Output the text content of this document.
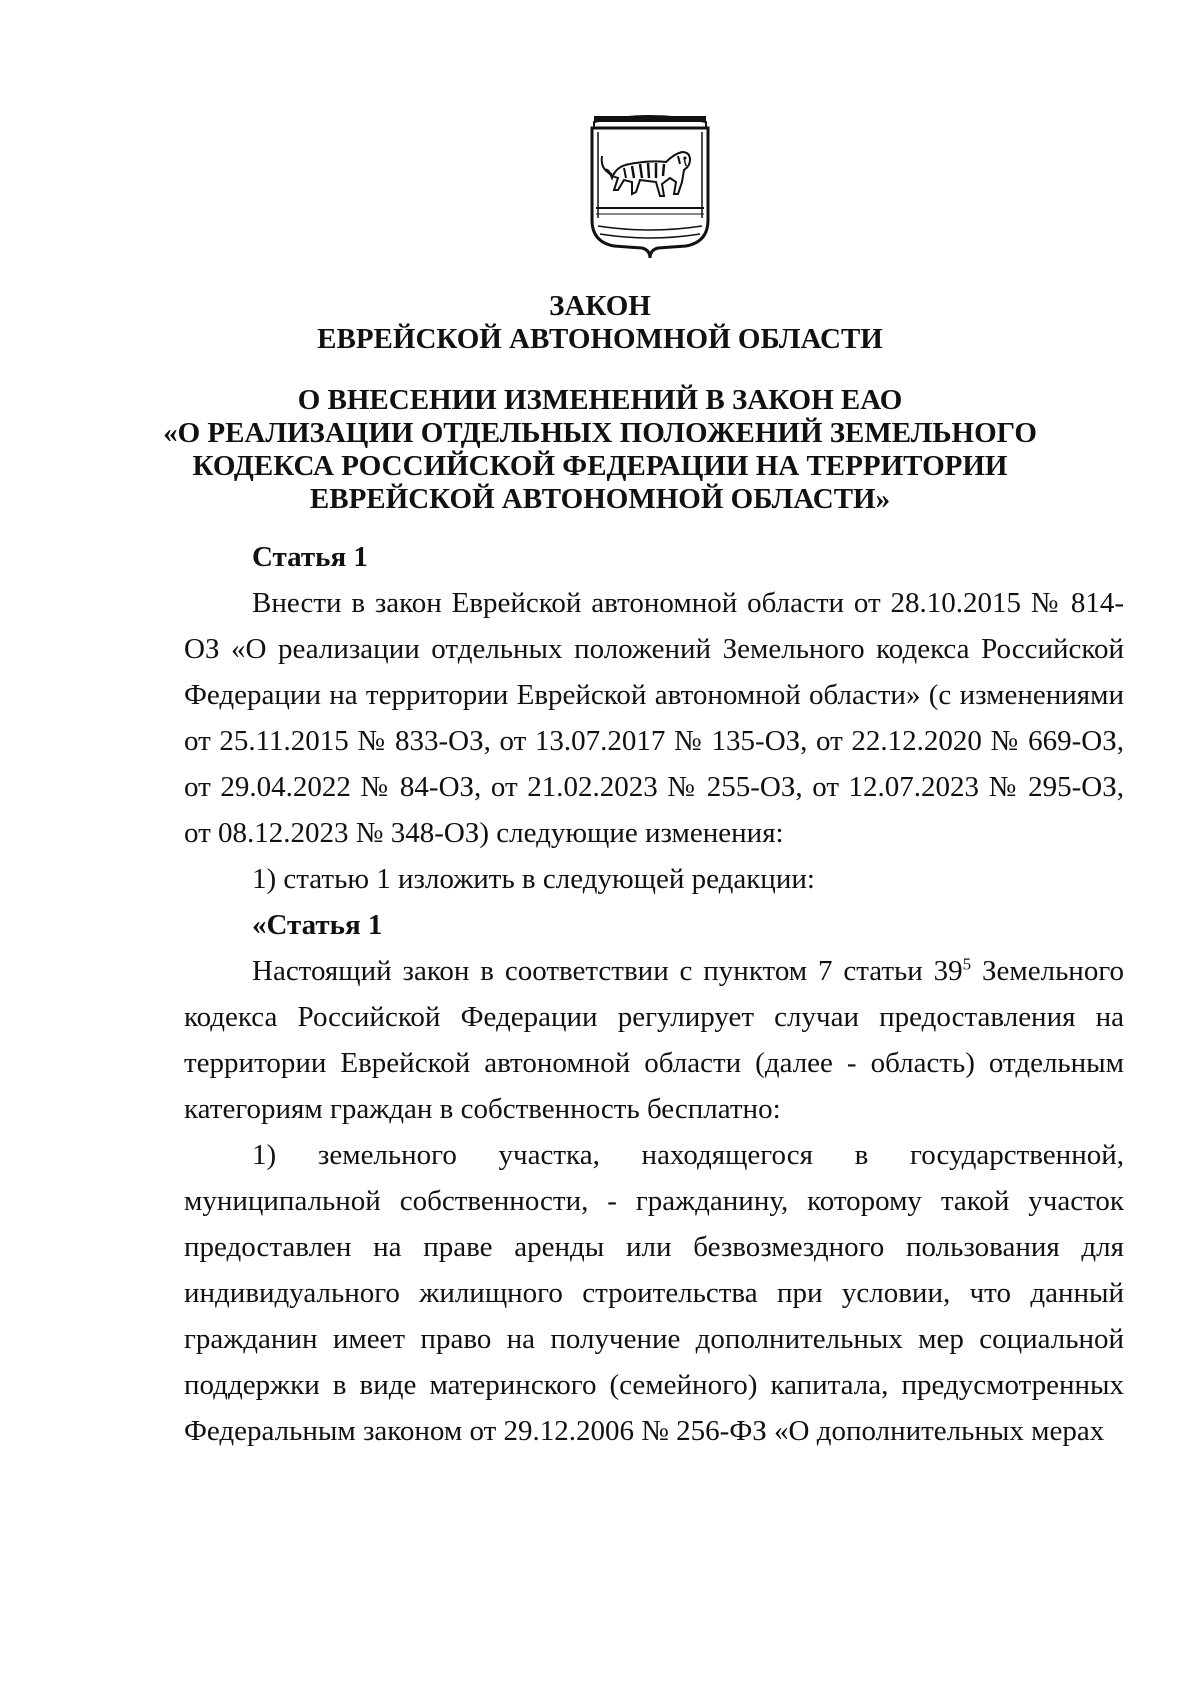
ЗАКОН
ЕВРЕЙСКОЙ АВТОНОМНОЙ ОБЛАСТИ
О ВНЕСЕНИИ ИЗМЕНЕНИЙ В ЗАКОН ЕАО
«О РЕАЛИЗАЦИИ ОТДЕЛЬНЫХ ПОЛОЖЕНИЙ ЗЕМЕЛЬНОГО
КОДЕКСА РОССИЙСКОЙ ФЕДЕРАЦИИ НА ТЕРРИТОРИИ
ЕВРЕЙСКОЙ АВТОНОМНОЙ ОБЛАСТИ»

Статья 1

Внести в закон Еврейской автономной области от 28.10.2015 № 814-ОЗ «О реализации отдельных положений Земельного кодекса Российской Федерации на территории Еврейской автономной области» (с изменениями от 25.11.2015 № 833-ОЗ, от 13.07.2017 № 135-ОЗ, от 22.12.2020 № 669-ОЗ, от 29.04.2022 № 84-ОЗ, от 21.02.2023 № 255-ОЗ, от 12.07.2023 № 295-ОЗ, от 08.12.2023 № 348-ОЗ) следующие изменения:

1) статью 1 изложить в следующей редакции:

«Статья 1

Настоящий закон в соответствии с пунктом 7 статьи $39^5$ Земельного кодекса Российской Федерации регулирует случаи предоставления на территории Еврейской автономной области (далее - область) отдельным категориям граждан в собственность бесплатно:

1) земельного участка, находящегося в государственной, муниципальной собственности, - гражданину, которому такой участок предоставлен на праве аренды или безвозмездного пользования для индивидуального жилищного строительства при условии, что данный гражданин имеет право на получение дополнительных мер социальной поддержки в виде материнского (семейного) капитала, предусмотренных Федеральным законом от 29.12.2006 № 256-ФЗ «О дополнительных мерах
